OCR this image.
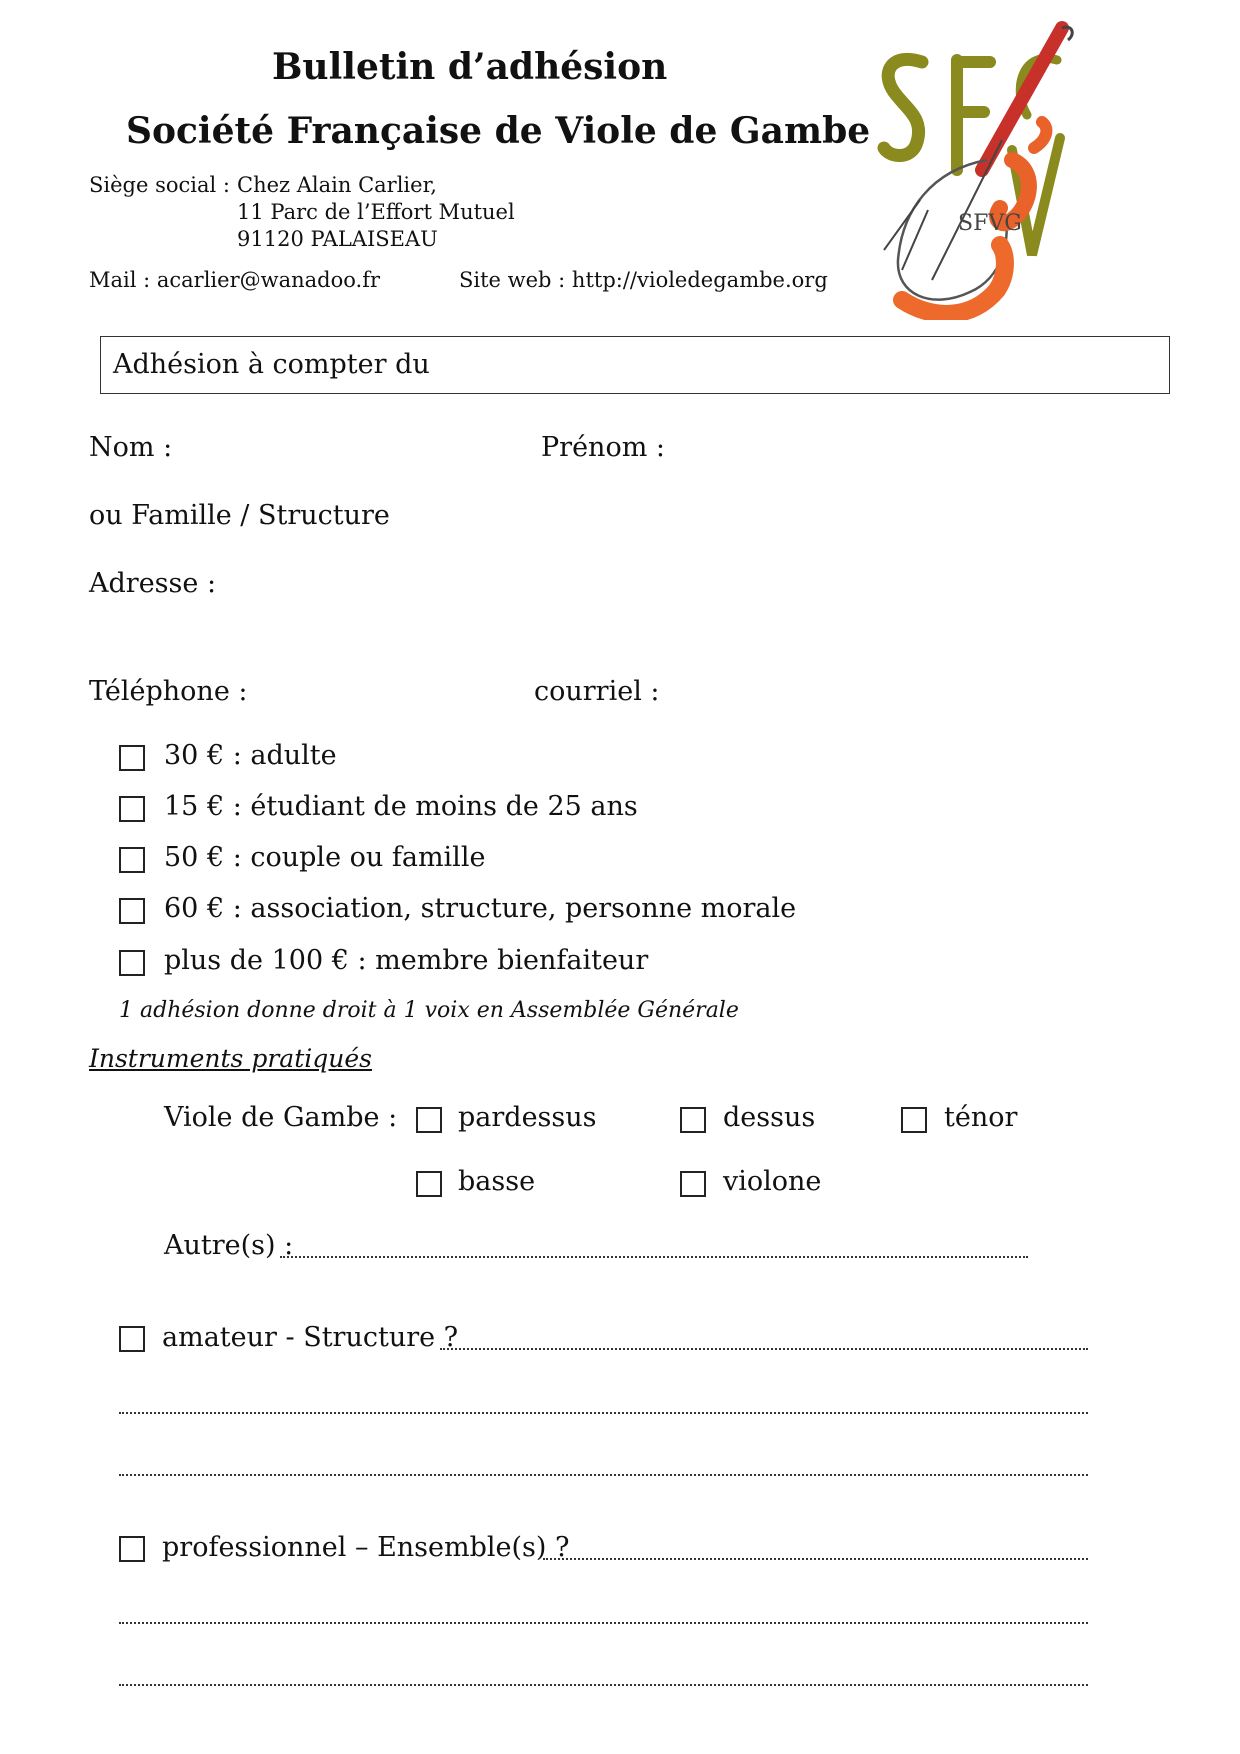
Bulletin d’adhésion
Société Française de Viole de Gambe
Siège social : Chez Alain Carlier,
11 Parc de l’Effort Mutuel
91120 PALAISEAU
Mail : acarlier@wanadoo.fr	Site web : http://violedegambe.org
SFVG
Adhésion à compter du
Nom :	Prénom :
ou Famille / Structure
Adresse :
Téléphone :	courriel :
30 € : adulte
15 € : étudiant de moins de 25 ans
50 € : couple ou famille
60 € : association, structure, personne morale
plus de 100 € : membre bienfaiteur
1 adhésion donne droit à 1 voix en Assemblée Générale
Instruments pratiqués
Viole de Gambe : pardessus	dessus	ténor
basse	violone
Autre(s) :
amateur - Structure ?
professionnel – Ensemble(s) ?
